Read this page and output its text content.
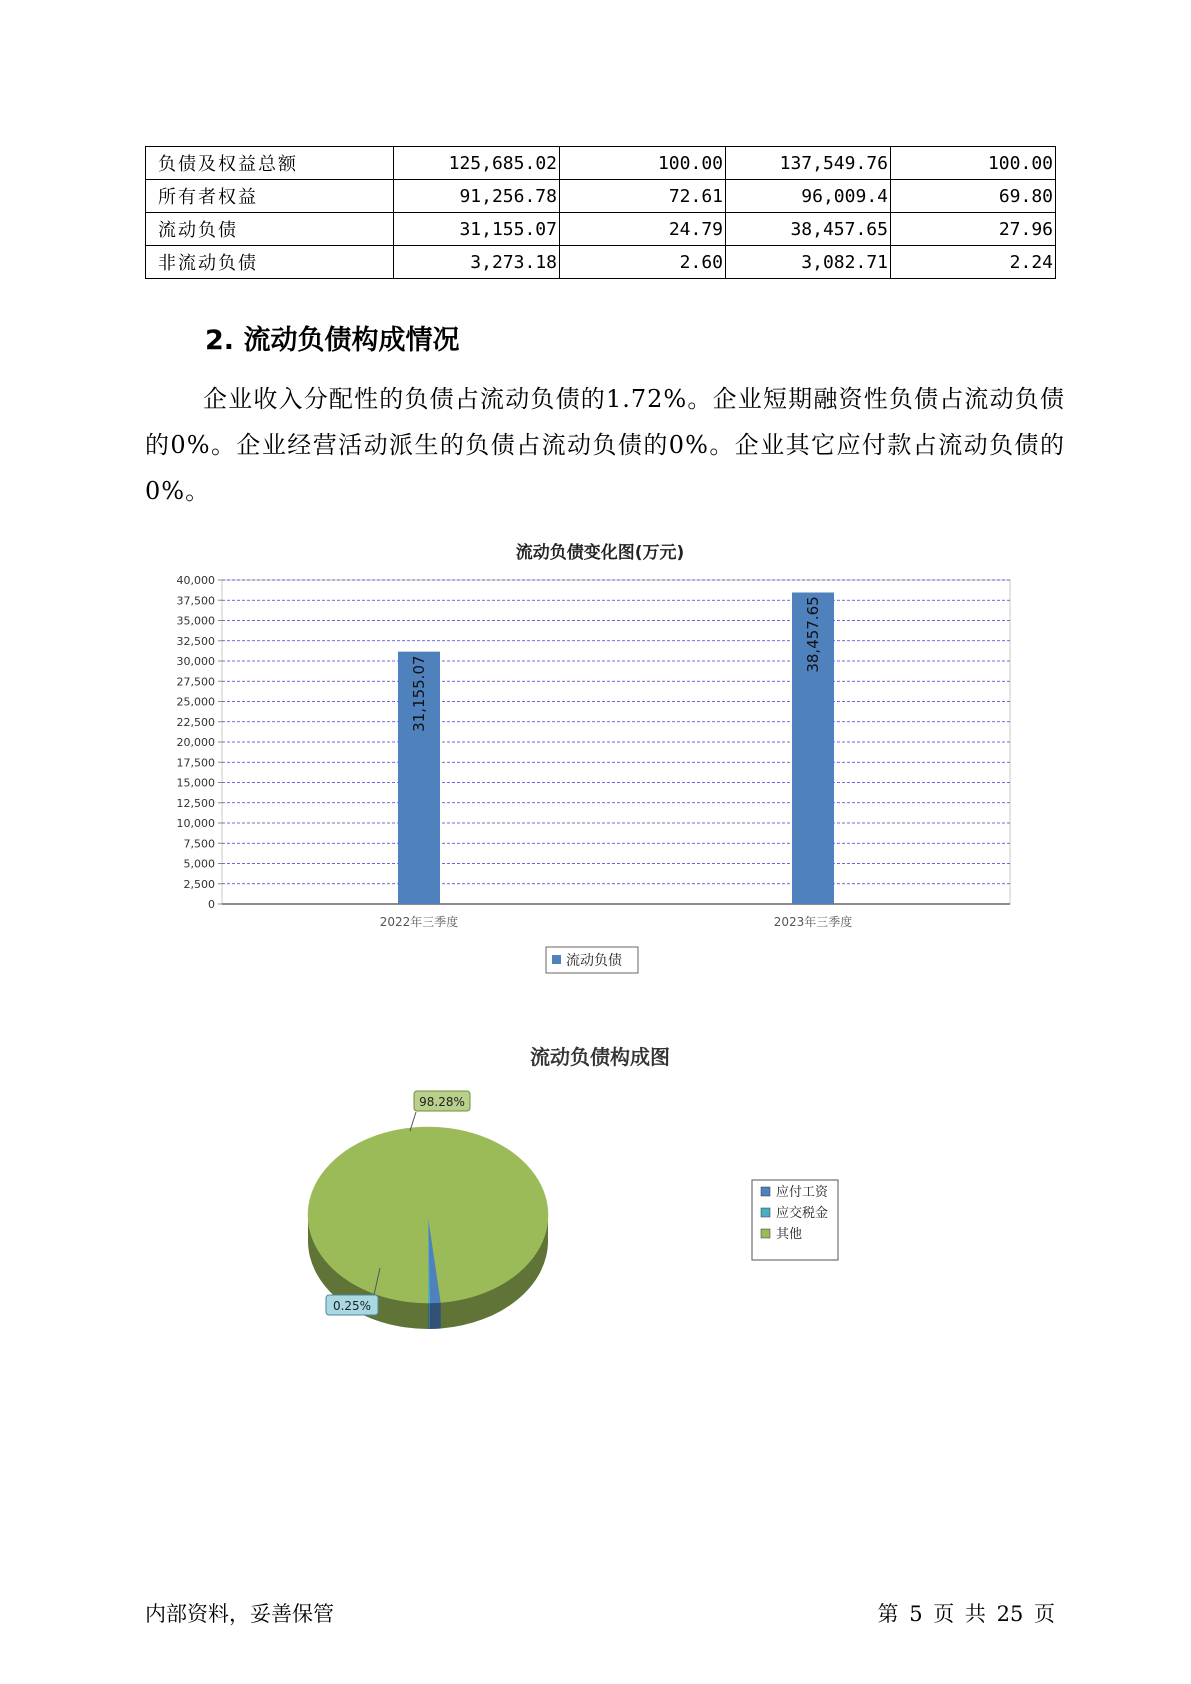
负债及权益总额	125,685.02	100.00	137,549.76	100.00
所有者权益	91,256.78	72.61	96,009.4	69.80
流动负债	31,155.07	24.79	38,457.65	27.96
非流动负债	3,273.18	2.60	3,082.71	2.24
2. 流动负债构成情况

企业收入分配性的负债占流动负债的1.72%。企业短期融资性负债占流动负债的0%。企业经营活动派生的负债占流动负债的0%。企业其它应付款占流动负债的0%。

流动负债变化图(万元)
0
2,500
5,000
7,500
10,000
12,500
15,000
17,500
20,000
22,500
25,000
27,500
30,000
32,500
35,000
37,500
40,000
31,155.07
2022年三季度
38,457.65
2023年三季度
流动负债
流动负债构成图
98.28%
0.25%
应付工资
应交税金
其他
内部资料，妥善保管	第 5 页 共 25 页
